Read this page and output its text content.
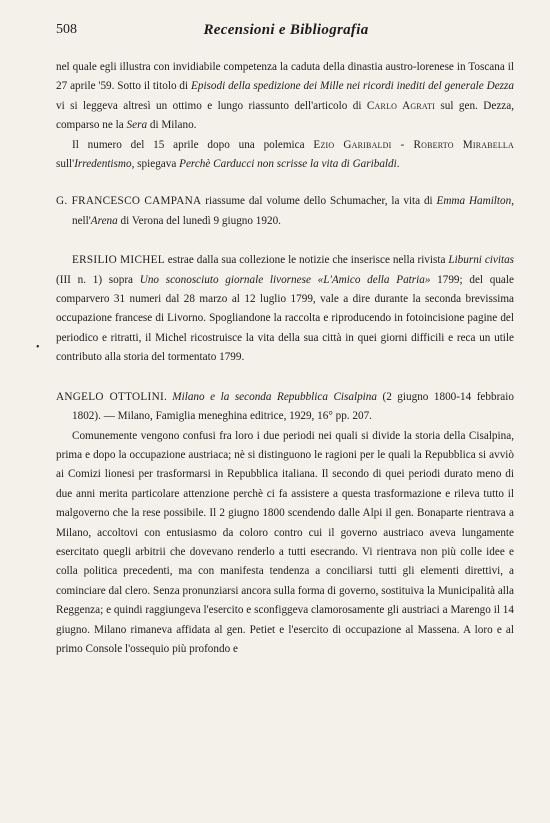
508	Recensioni e Bibliografia
•

nel quale egli illustra con invidiabile competenza la caduta della dinastia austro-lorenese in Toscana il 27 aprile '59. Sotto il titolo di Episodi della spedizione dei Mille nei ricordi inediti del generale Dezza vi si leggeva altresì un ottimo e lungo riassunto dell'articolo di Carlo Agrati sul gen. Dezza, comparso ne la Sera di Milano.

Il numero del 15 aprile dopo una polemica Ezio Garibaldi - Roberto Mirabella sull'Irredentismo, spiegava Perchè Carducci non scrisse la vita di Garibaldi.

G. FRANCESCO CAMPANA riassume dal volume dello Schumacher, la vita di Emma Hamilton, nell'Arena di Verona del lunedì 9 giugno 1920.

ERSILIO MICHEL estrae dalla sua collezione le notizie che inserisce nella rivista Liburni civitas (III n. 1) sopra Uno sconosciuto giornale livornese «L'Amico della Patria» 1799; del quale comparvero 31 numeri dal 28 marzo al 12 luglio 1799, vale a dire durante la seconda brevissima occupazione francese di Livorno. Spogliandone la raccolta e riproducendo in fotoincisione pagine del periodico e ritratti, il Michel ricostruisce la vita della sua città in quei giorni difficili e reca un utile contributo alla storia del tormentato 1799.

ANGELO OTTOLINI. Milano e la seconda Repubblica Cisalpina (2 giugno 1800-14 febbraio 1802). — Milano, Famiglia meneghina editrice, 1929, 16° pp. 207.

Comunemente vengono confusi fra loro i due periodi nei quali si divide la storia della Cisalpina, prima e dopo la occupazione austriaca; nè si distinguono le ragioni per le quali la Repubblica si avviò ai Comizi lionesi per trasformarsi in Repubblica italiana. Il secondo di quei periodi durato meno di due anni merita particolare attenzione perchè ci fa assistere a questa trasformazione e rileva tutto il malgoverno che la rese possibile. Il 2 giugno 1800 scendendo dalle Alpi il gen. Bonaparte rientrava a Milano, accoltovi con entusiasmo da coloro contro cui il governo austriaco aveva lungamente esercitato quegli arbitrii che dovevano renderlo a tutti esecrando. Vi rientrava non più colle idee e colla politica precedenti, ma con manifesta tendenza a conciliarsi tutti gli elementi direttivi, a cominciare dal clero. Senza pronunziarsi ancora sulla forma di governo, sostituiva la Municipalità alla Reggenza; e quindi raggiungeva l'esercito e sconfiggeva clamorosamente gli austriaci a Marengo il 14 giugno. Milano rimaneva affidata al gen. Petiet e l'esercito di occupazione al Massena. A loro e al primo Console l'ossequio più profondo e
